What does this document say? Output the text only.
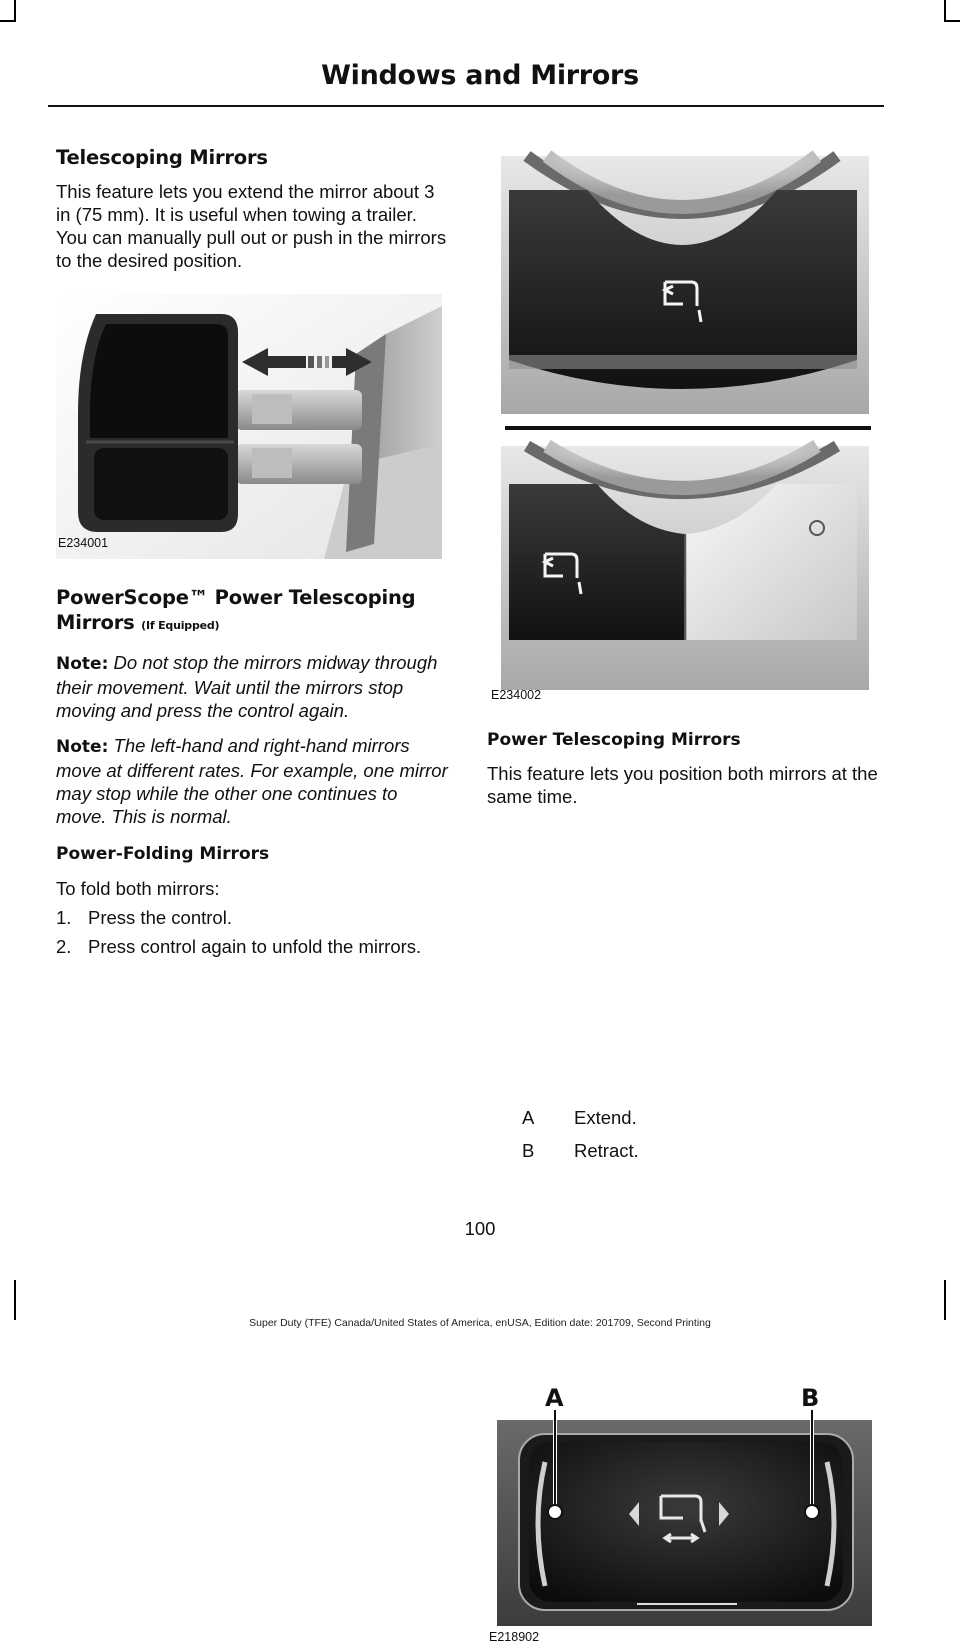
Windows and Mirrors
Telescoping Mirrors

This feature lets you extend the mirror about 3 in (75 mm). It is useful when towing a trailer. You can manually pull out or push in the mirrors to the desired position.

E234001
PowerScope™ Power Telescoping Mirrors (If Equipped)

Note: Do not stop the mirrors midway through their movement. Wait until the mirrors stop moving and press the control again.

Note: The left-hand and right-hand mirrors move at different rates. For example, one mirror may stop while the other one continues to move. This is normal.

Power-Folding Mirrors

To fold both mirrors:

1. Press the control.
2. Press control again to unfold the mirrors.
E234002
Power Telescoping Mirrors

This feature lets you position both mirrors at the same time.

A	B
E218902
A Extend.
B Retract.
100
Super Duty (TFE) Canada/United States of America, enUSA, Edition date: 201709, Second Printing
